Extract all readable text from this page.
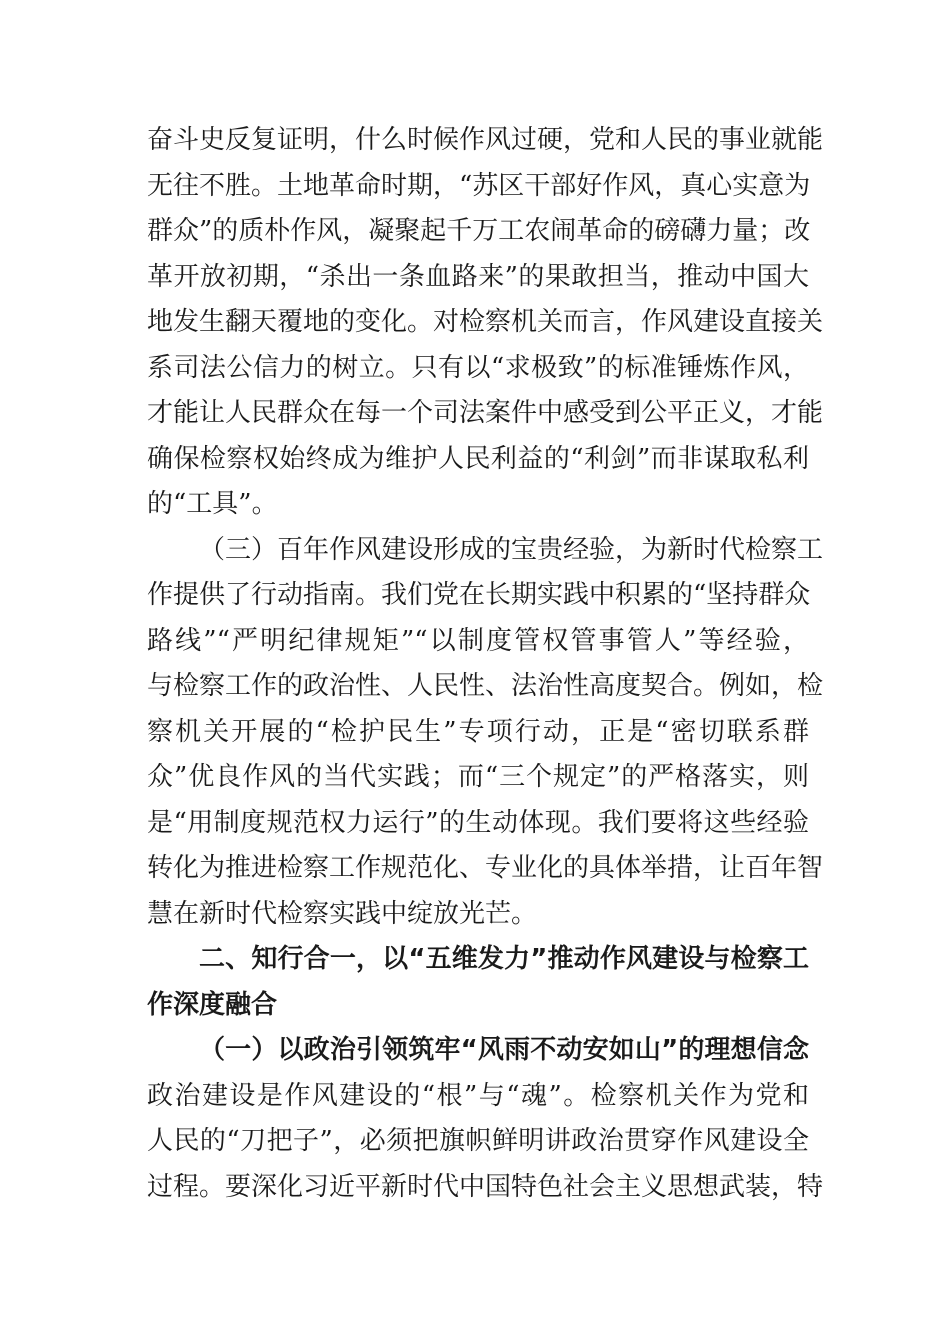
奋斗史反复证明，什么时候作风过硬，党和人民的事业就能
无往不胜。土地革命时期，“苏区干部好作风，真心实意为
群众”的质朴作风，凝聚起千万工农闹革命的磅礴力量；改
革开放初期，“杀出一条血路来”的果敢担当，推动中国大
地发生翻天覆地的变化。对检察机关而言，作风建设直接关
系司法公信力的树立。只有以“求极致”的标准锤炼作风，
才能让人民群众在每一个司法案件中感受到公平正义，才能
确保检察权始终成为维护人民利益的“利剑”而非谋取私利
的“工具”。
（三）百年作风建设形成的宝贵经验，为新时代检察工
作提供了行动指南。我们党在长期实践中积累的“坚持群众
路线”“严明纪律规矩”“以制度管权管事管人”等经验，
与检察工作的政治性、人民性、法治性高度契合。例如，检
察机关开展的“检护民生”专项行动，正是“密切联系群
众”优良作风的当代实践；而“三个规定”的严格落实，则
是“用制度规范权力运行”的生动体现。我们要将这些经验
转化为推进检察工作规范化、专业化的具体举措，让百年智
慧在新时代检察实践中绽放光芒。
二、知行合一，以“五维发力”推动作风建设与检察工
作深度融合
（一）以政治引领筑牢“风雨不动安如山”的理想信念
政治建设是作风建设的“根”与“魂”。检察机关作为党和
人民的“刀把子”，必须把旗帜鲜明讲政治贯穿作风建设全
过程。要深化习近平新时代中国特色社会主义思想武装，特
